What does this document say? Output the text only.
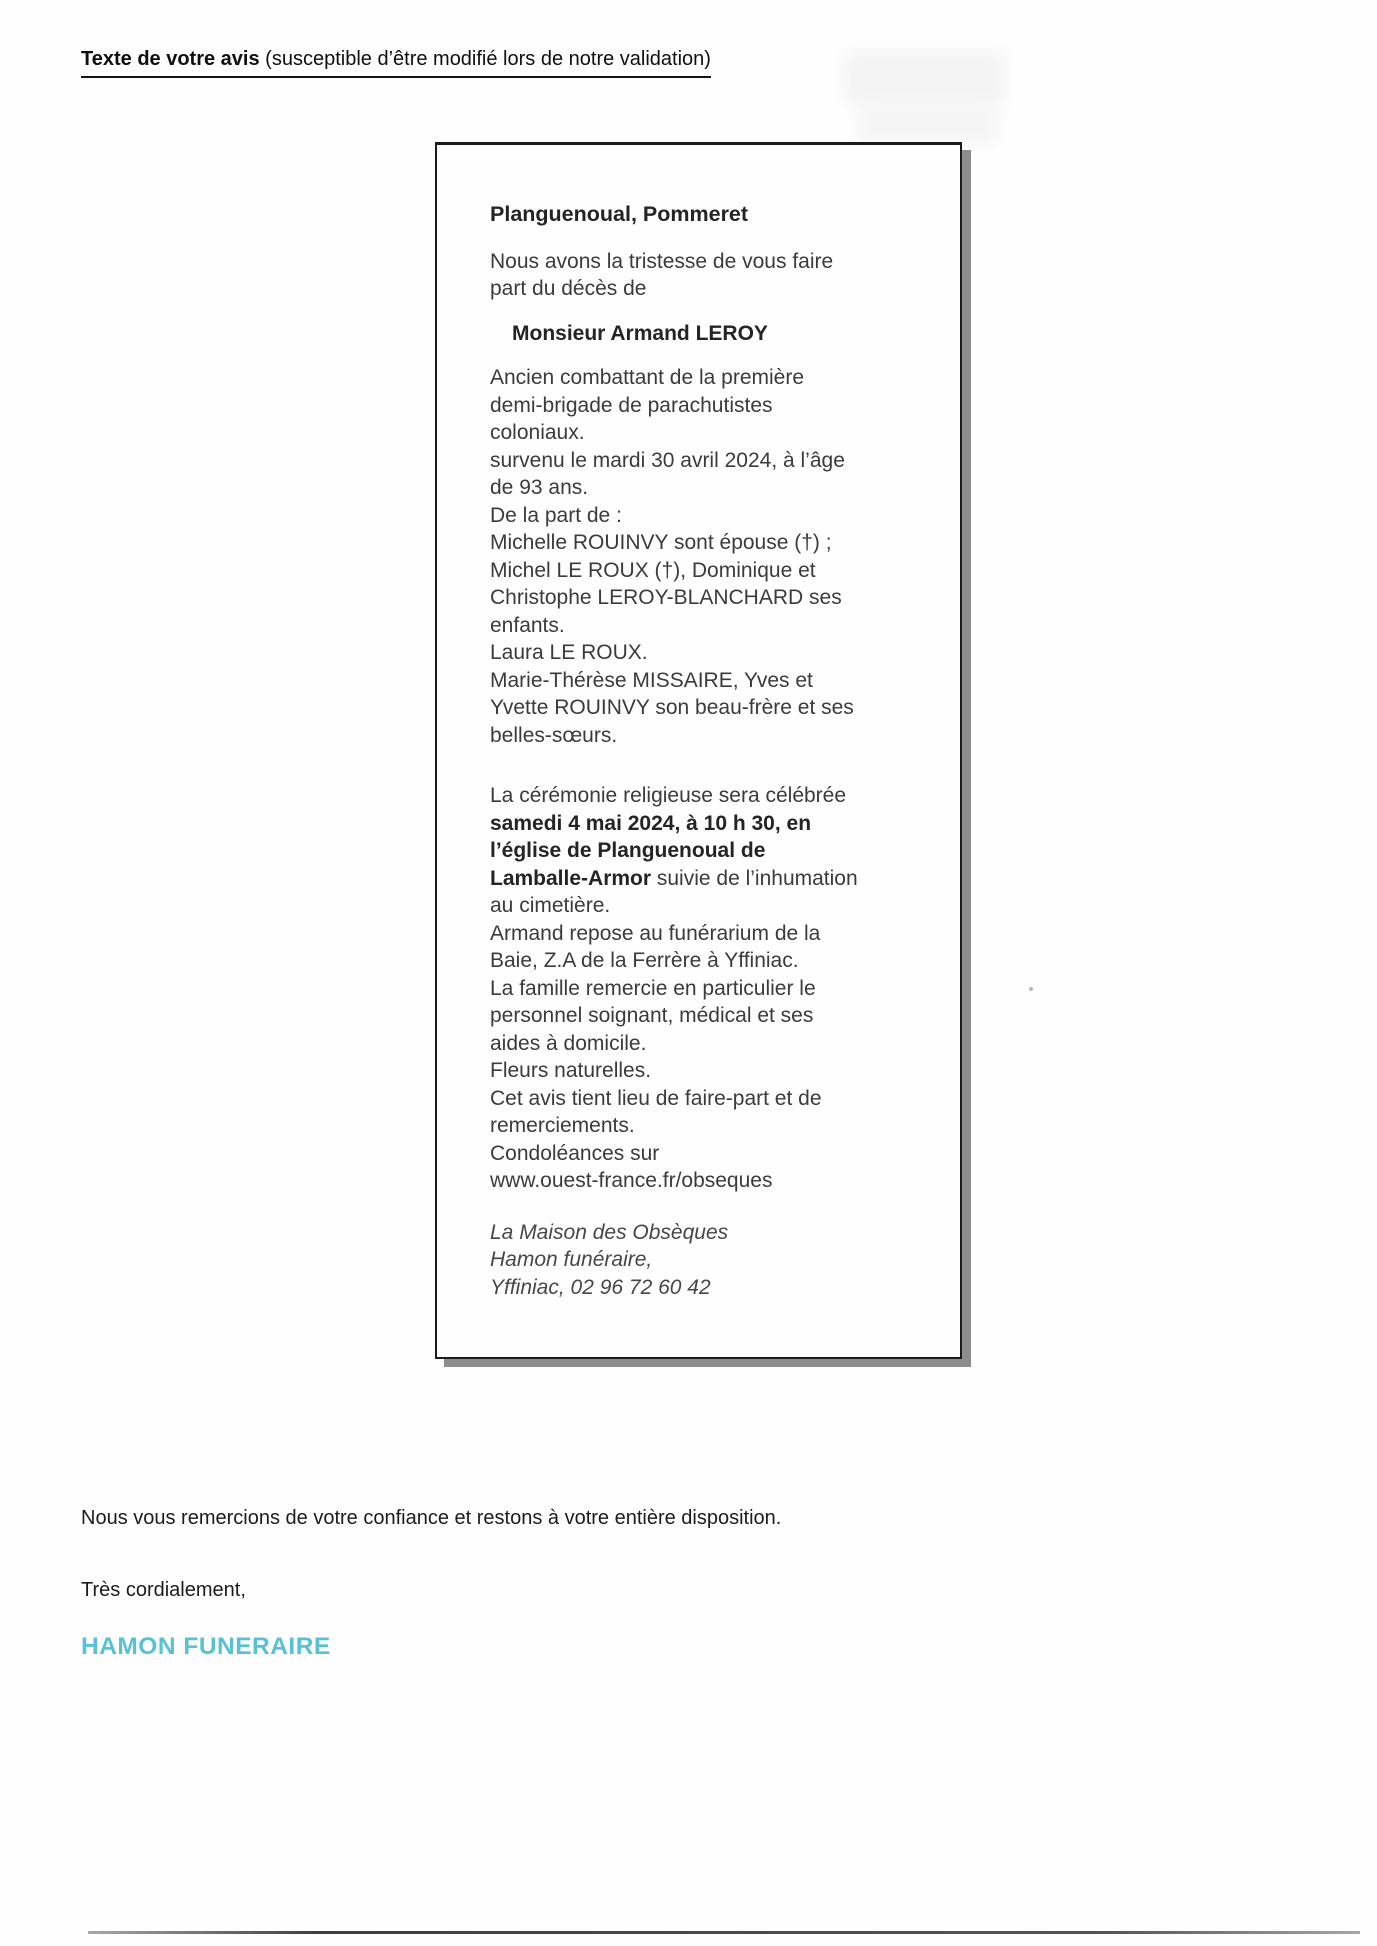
Texte de votre avis (susceptible d’être modifié lors de notre validation)
Planguenoual, Pommeret
Nous avons la tristesse de vous faire
part du décès de
Monsieur Armand LEROY
Ancien combattant de la première
demi-brigade de parachutistes
coloniaux.
survenu le mardi 30 avril 2024, à l’âge
de 93 ans.
De la part de :
Michelle ROUINVY sont épouse (†) ;
Michel LE ROUX (†), Dominique et
Christophe LEROY-BLANCHARD ses
enfants.
Laura LE ROUX.
Marie-Thérèse MISSAIRE, Yves et
Yvette ROUINVY son beau-frère et ses
belles-sœurs.
La cérémonie religieuse sera célébrée
samedi 4 mai 2024, à 10 h 30, en
l’église de Planguenoual de
Lamballe-Armor suivie de l’inhumation
au cimetière.
Armand repose au funérarium de la
Baie, Z.A de la Ferrère à Yffiniac.
La famille remercie en particulier le
personnel soignant, médical et ses
aides à domicile.
Fleurs naturelles.
Cet avis tient lieu de faire-part et de
remerciements.
Condoléances sur
www.ouest-france.fr/obseques
La Maison des Obsèques
Hamon funéraire,
Yffiniac, 02 96 72 60 42
Nous vous remercions de votre confiance et restons à votre entière disposition.
Très cordialement,
HAMON FUNERAIRE
